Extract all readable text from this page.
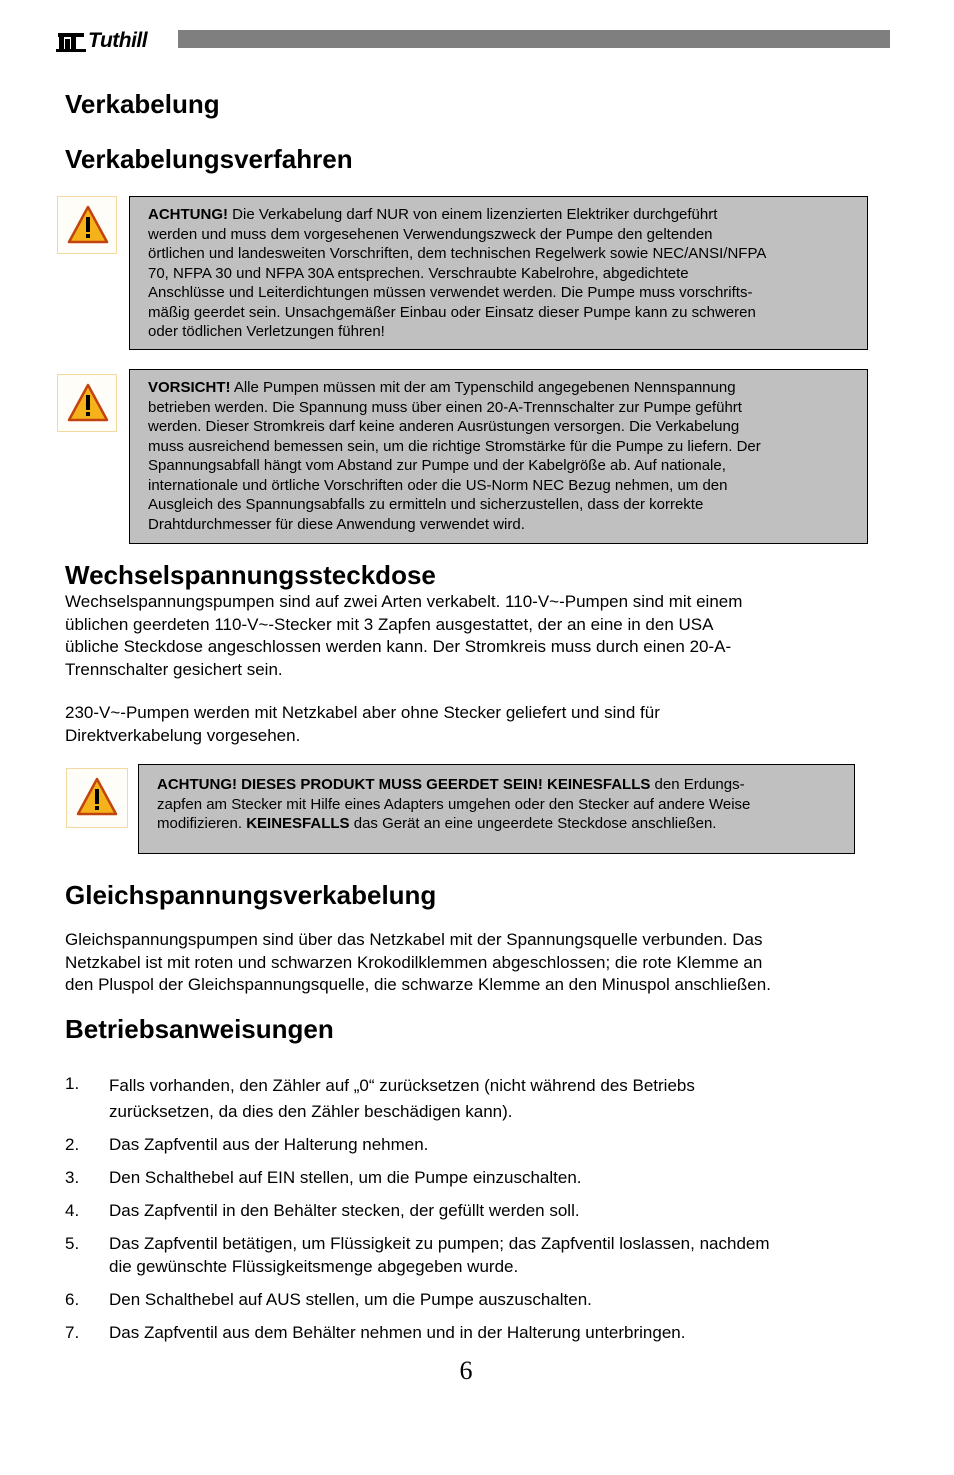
Tuthill
Verkabelung
Verkabelungsverfahren
ACHTUNG! Die Verkabelung darf NUR von einem lizenzierten Elektriker durchgeführt
werden und muss dem vorgesehenen Verwendungszweck der Pumpe den geltenden
örtlichen und landesweiten Vorschriften, dem technischen Regelwerk sowie NEC/ANSI/NFPA
70, NFPA 30 und NFPA 30A entsprechen. Verschraubte Kabelrohre, abgedichtete
Anschlüsse und Leiterdichtungen müssen verwendet werden. Die Pumpe muss vorschrifts-
mäßig geerdet sein. Unsachgemäßer Einbau oder Einsatz dieser Pumpe kann zu schweren
oder tödlichen Verletzungen führen!
VORSICHT! Alle Pumpen müssen mit der am Typenschild angegebenen Nennspannung
betrieben werden. Die Spannung muss über einen 20-A-Trennschalter zur Pumpe geführt
werden. Dieser Stromkreis darf keine anderen Ausrüstungen versorgen. Die Verkabelung
muss ausreichend bemessen sein, um die richtige Stromstärke für die Pumpe zu liefern. Der
Spannungsabfall hängt vom Abstand zur Pumpe und der Kabelgröße ab. Auf nationale,
internationale und örtliche Vorschriften oder die US-Norm NEC Bezug nehmen, um den
Ausgleich des Spannungsabfalls zu ermitteln und sicherzustellen, dass der korrekte
Drahtdurchmesser für diese Anwendung verwendet wird.
Wechselspannungssteckdose
Wechselspannungspumpen sind auf zwei Arten verkabelt. 110-V~-Pumpen sind mit einem
üblichen geerdeten 110-V~-Stecker mit 3 Zapfen ausgestattet, der an eine in den USA
übliche Steckdose angeschlossen werden kann. Der Stromkreis muss durch einen 20-A-
Trennschalter gesichert sein.
230-V~-Pumpen werden mit Netzkabel aber ohne Stecker geliefert und sind für
Direktverkabelung vorgesehen.
ACHTUNG! DIESES PRODUKT MUSS GEERDET SEIN! KEINESFALLS den Erdungs-
zapfen am Stecker mit Hilfe eines Adapters umgehen oder den Stecker auf andere Weise
modifizieren. KEINESFALLS das Gerät an eine ungeerdete Steckdose anschließen.
Gleichspannungsverkabelung
Gleichspannungspumpen sind über das Netzkabel mit der Spannungsquelle verbunden. Das
Netzkabel ist mit roten und schwarzen Krokodilklemmen abgeschlossen; die rote Klemme an
den Pluspol der Gleichspannungsquelle, die schwarze Klemme an den Minuspol anschließen.
Betriebsanweisungen
1. Falls vorhanden, den Zähler auf „0“ zurücksetzen (nicht während des Betriebs
zurücksetzen, da dies den Zähler beschädigen kann).
2. Das Zapfventil aus der Halterung nehmen.
3. Den Schalthebel auf EIN stellen, um die Pumpe einzuschalten.
4. Das Zapfventil in den Behälter stecken, der gefüllt werden soll.
5. Das Zapfventil betätigen, um Flüssigkeit zu pumpen; das Zapfventil loslassen, nachdem
die gewünschte Flüssigkeitsmenge abgegeben wurde.
6. Den Schalthebel auf AUS stellen, um die Pumpe auszuschalten.
7. Das Zapfventil aus dem Behälter nehmen und in der Halterung unterbringen.
6
